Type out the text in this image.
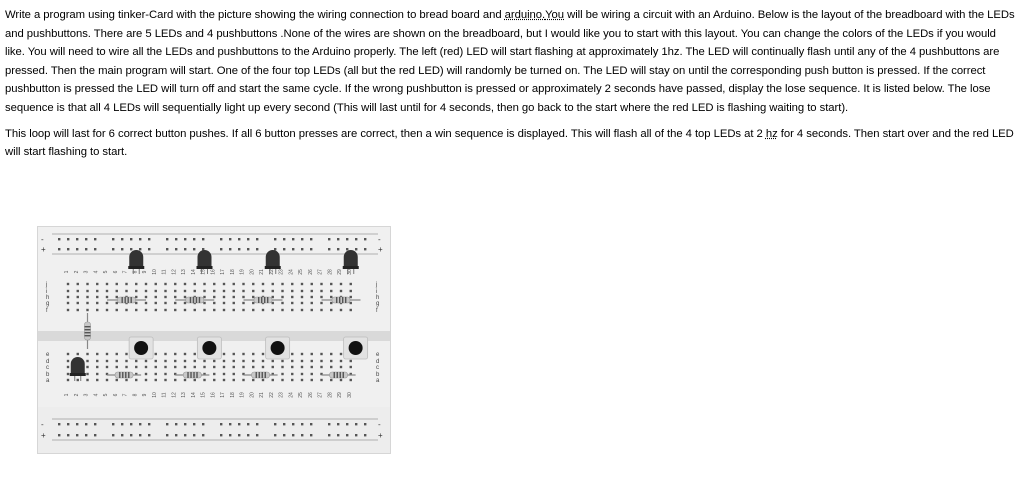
Write a program using tinker-Card with the picture showing the wiring connection to bread board and arduino.You will be wiring a circuit with an Arduino. Below is the layout of the breadboard with the LEDs and pushbuttons. There are 5 LEDs and 4 pushbuttons .None of the wires are shown on the breadboard, but I would like you to start with this layout. You can change the colors of the LEDs if you would like. You will need to wire all the LEDs and pushbuttons to the Arduino properly. The left (red) LED will start flashing at approximately 1hz. The LED will continually flash until any of the 4 pushbuttons are pressed. Then the main program will start. One of the four top LEDs (all but the red LED) will randomly be turned on. The LED will stay on until the corresponding push button is pressed. If the correct pushbutton is pressed the LED will turn off and start the same cycle. If the wrong pushbutton is pressed or approximately 2 seconds have passed, display the lose sequence. It is listed below. The lose sequence is that all 4 LEDs will sequentially light up every second (This will last until for 4 seconds, then go back to the start where the red LED is flashing waiting to start).

This loop will last for 6 correct button pushes. If all 6 button presses are correct, then a win sequence is displayed. This will flash all of the 4 top LEDs at 2 hz for 4 seconds. Then start over and the red LED will start flashing to start.

-
+
-
+
-
+
-
+
1
1
2
2
3
3
4
4
5
5
6
6
7
7
8
8
9
9
10
10
11
11
12
12
13
13
14
14
15
15
16
16
17
17
18
18
19
19
20
20
21
21
22
22
23
23
24
24
25
25
26
26
27
27
28
28
29
29
30
30
j	j
i	i
h	h
g	g
f	f
e	e
d	d
c	c
b	b
a	a
